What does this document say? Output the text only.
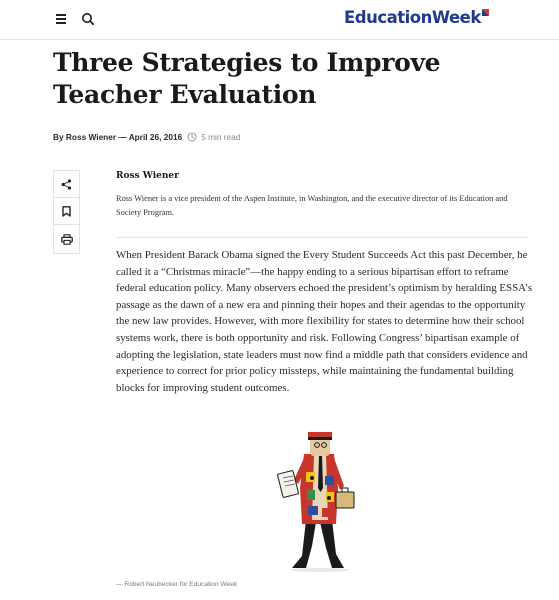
EducationWeek
Three Strategies to Improve Teacher Evaluation
By Ross Wiener — April 26, 2016 5 min read
Ross Wiener

Ross Wiener is a vice president of the Aspen Institute, in Washington, and the executive director of its Education and Society Program.

When President Barack Obama signed the Every Student Succeeds Act this past December, he called it a “Christmas miracle”—the happy ending to a serious bipartisan effort to reframe federal education policy. Many observers echoed the president’s optimism by heralding ESSA’s passage as the dawn of a new era and pinning their hopes and their agendas to the opportunity the new law provides. However, with more flexibility for states to determine how their school systems work, there is both opportunity and risk. Following Congress’ bipartisan example of adopting the legislation, state leaders must now find a middle path that considers evidence and experience to correct for prior policy missteps, while maintaining the fundamental building blocks for improving student outcomes.

— Robert Neubecker for Education Week
